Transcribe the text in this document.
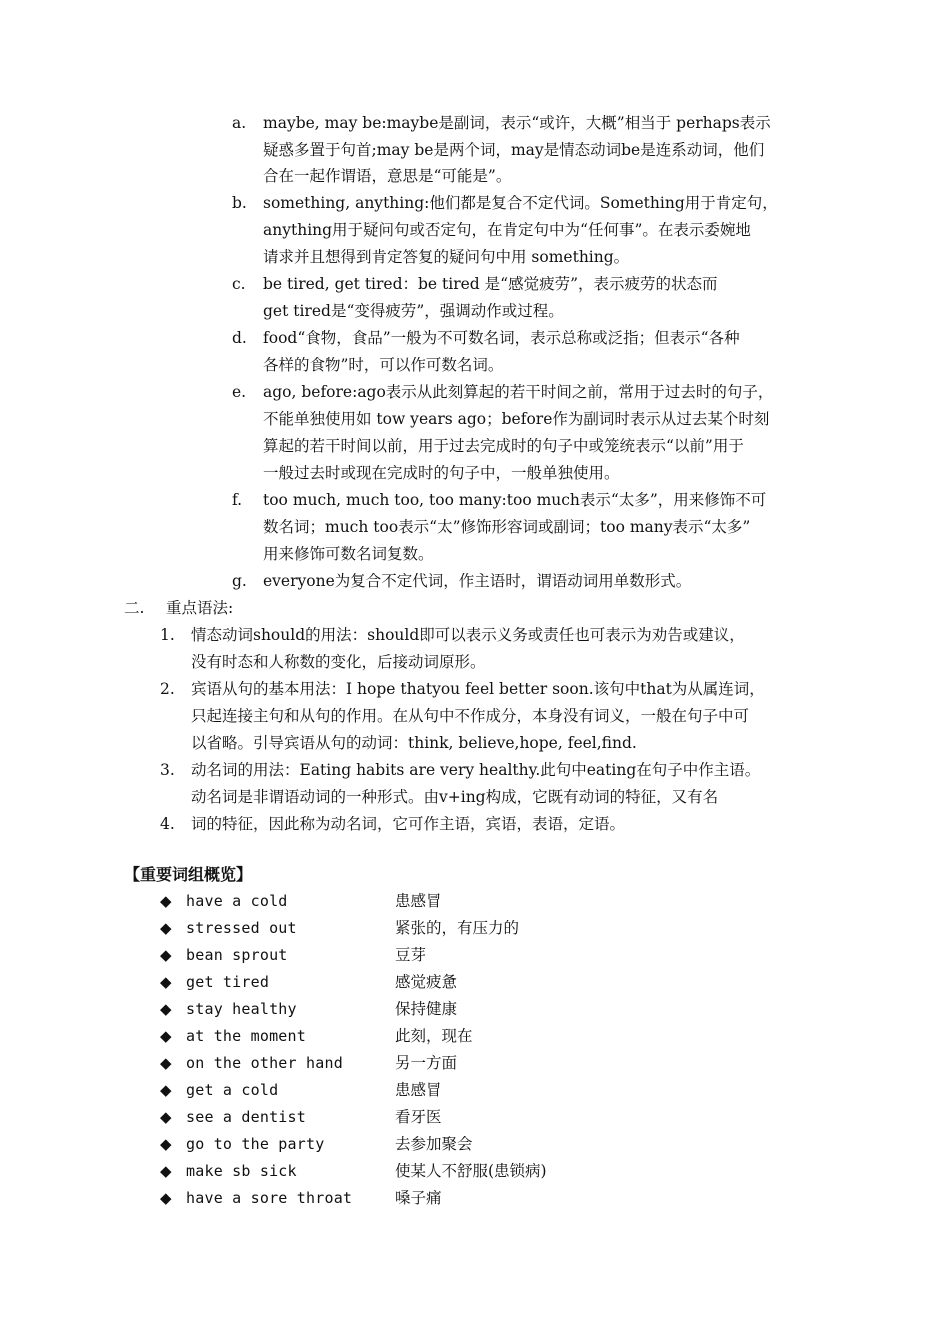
a. maybe, may be:maybe是副词，表示“或许，大概”相当于 perhaps表示
疑惑多置于句首;may be是两个词，may是情态动词be是连系动词，他们
合在一起作谓语，意思是“可能是”。
b. something, anything:他们都是复合不定代词。Something用于肯定句，
anything用于疑问句或否定句，在肯定句中为“任何事”。在表示委婉地
请求并且想得到肯定答复的疑问句中用 something。
c. be tired, get tired：be tired 是“感觉疲劳”，表示疲劳的状态而
get tired是“变得疲劳”，强调动作或过程。
d. food“食物，食品”一般为不可数名词，表示总称或泛指；但表示“各种
各样的食物”时，可以作可数名词。
e. ago, before:ago表示从此刻算起的若干时间之前，常用于过去时的句子，
不能单独使用如 tow years ago；before作为副词时表示从过去某个时刻
算起的若干时间以前，用于过去完成时的句子中或笼统表示“以前”用于
一般过去时或现在完成时的句子中，一般单独使用。
f. too much, much too, too many:too much表示“太多”，用来修饰不可
数名词；much too表示“太”修饰形容词或副词；too many表示“太多”
用来修饰可数名词复数。
g. everyone为复合不定代词，作主语时，谓语动词用单数形式。
二. 重点语法:
1. 情态动词should的用法：should即可以表示义务或责任也可表示为劝告或建议，
没有时态和人称数的变化，后接动词原形。
2. 宾语从句的基本用法：I hope thatyou feel better soon.该句中that为从属连词，
只起连接主句和从句的作用。在从句中不作成分，本身没有词义，一般在句子中可
以省略。引导宾语从句的动词：think, believe,hope, feel,find.
3. 动名词的用法：Eating habits are very healthy.此句中eating在句子中作主语。
动名词是非谓语动词的一种形式。由v+ing构成，它既有动词的特征，又有名
4. 词的特征，因此称为动名词，它可作主语，宾语，表语，定语。
【重要词组概览】
◆ have a cold	患感冒
◆ stressed out	紧张的，有压力的
◆ bean sprout	豆芽
◆ get tired	感觉疲惫
◆ stay healthy	保持健康
◆ at the moment	此刻，现在
◆ on the other hand	另一方面
◆ get a cold	患感冒
◆ see a dentist	看牙医
◆ go to the party	去参加聚会
◆ make sb sick	使某人不舒服(患锁病)
◆ have a sore throat	嗓子痛
